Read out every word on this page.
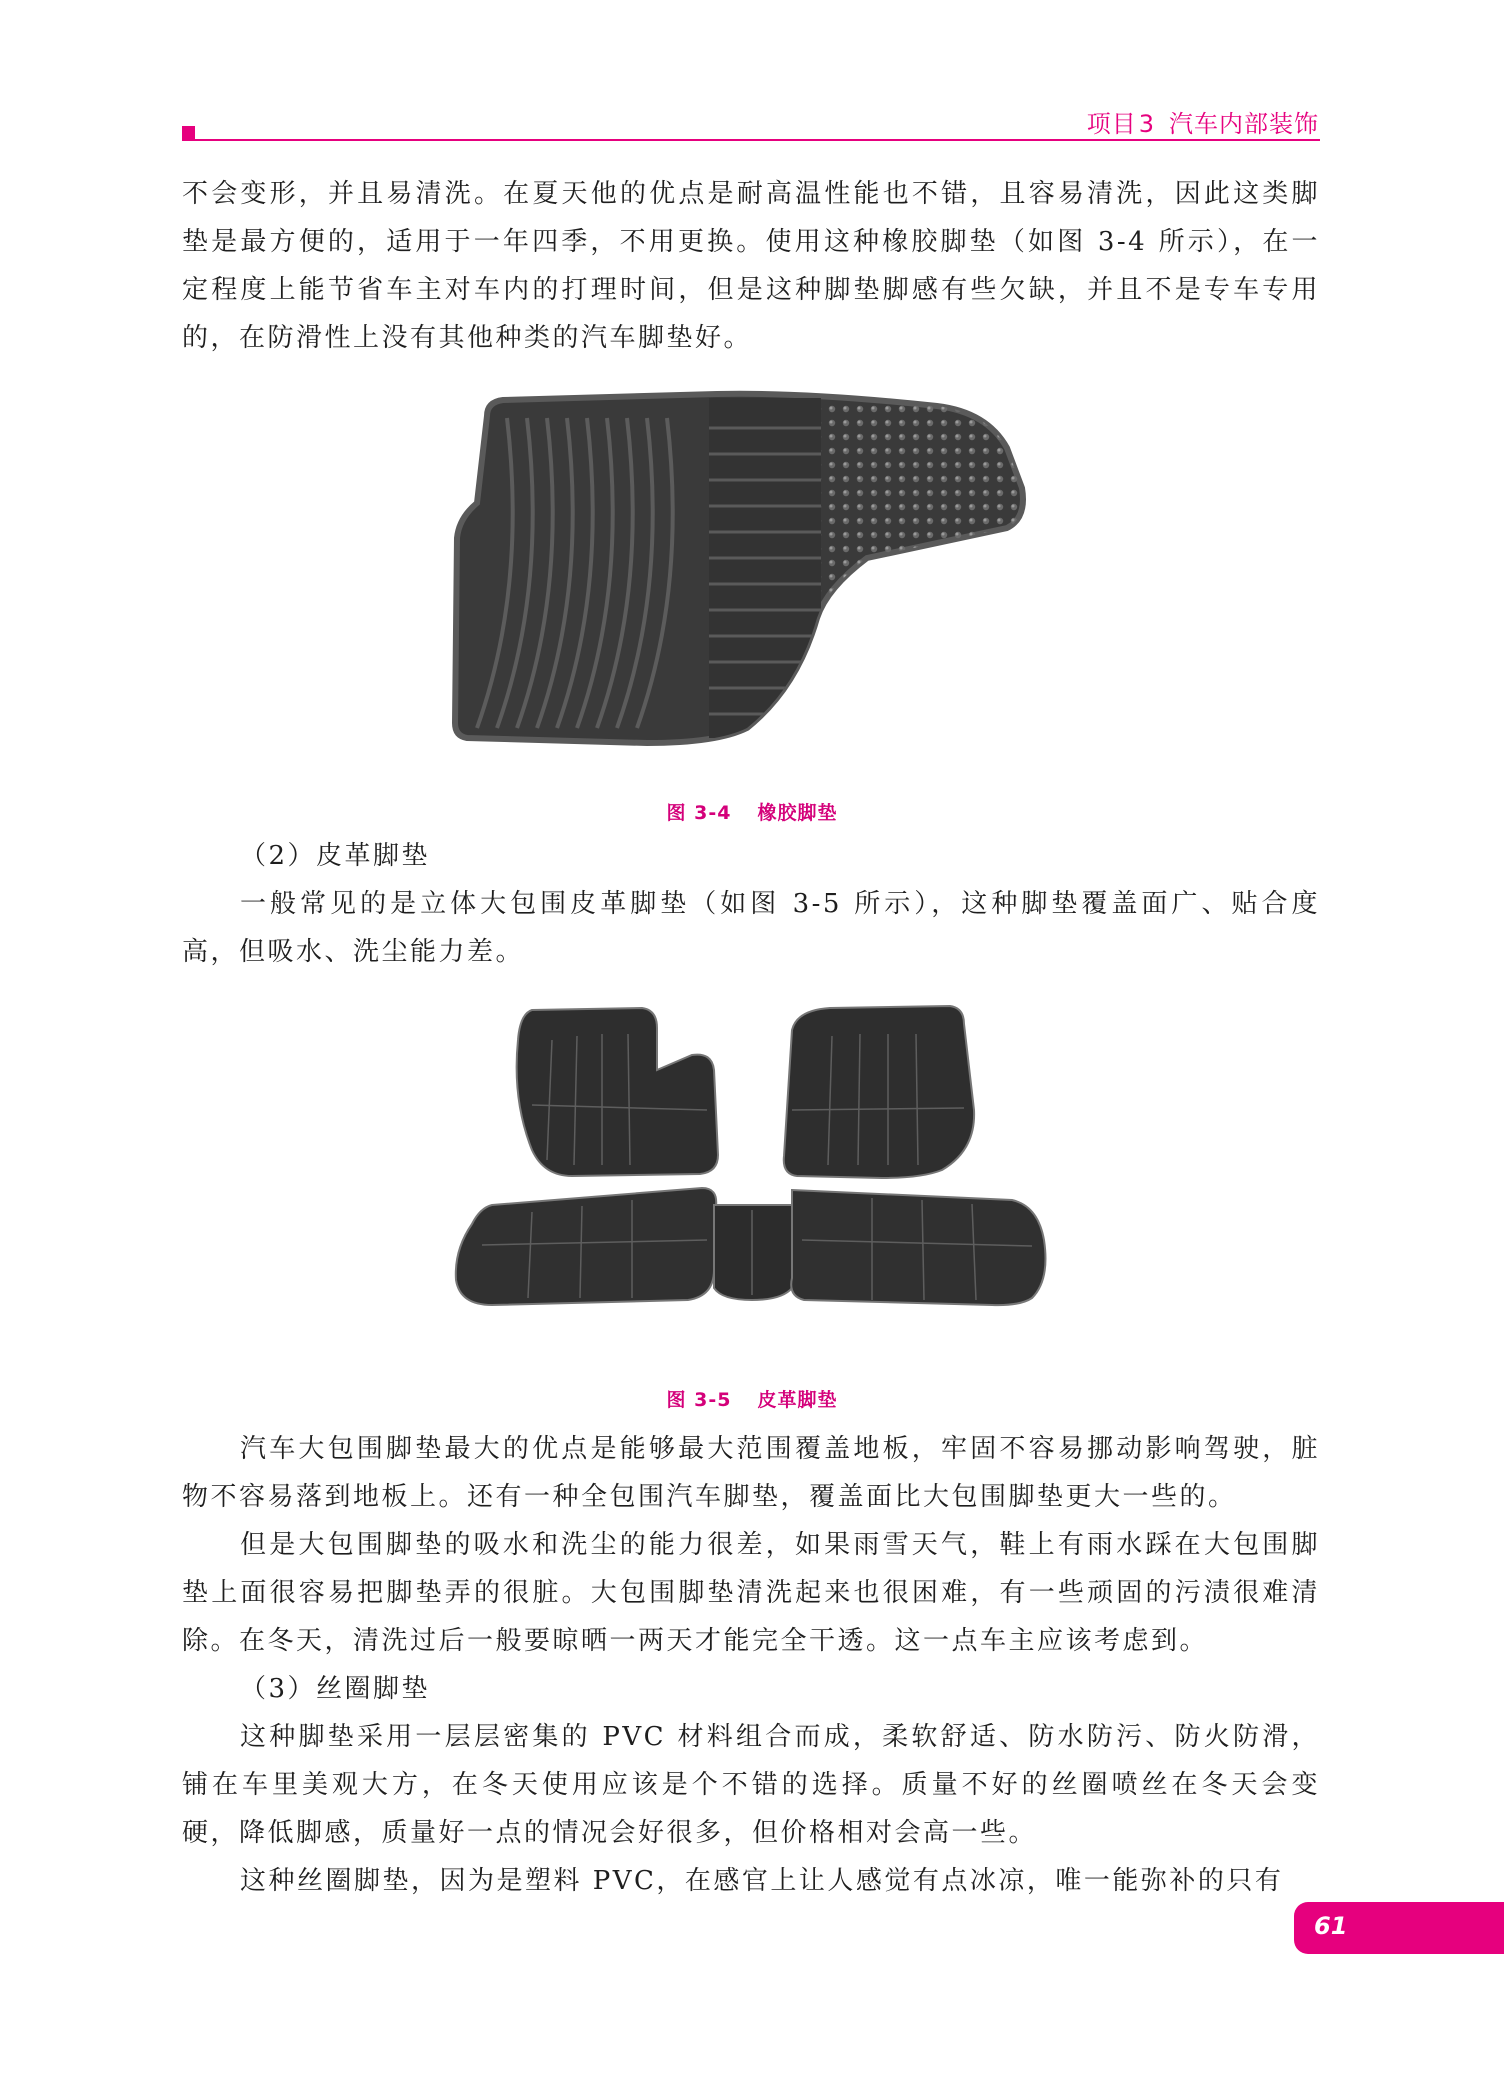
项目3 汽车内部装饰

不会变形，并且易清洗。在夏天他的优点是耐高温性能也不错，且容易清洗，因此这类脚垫是最方便的，适用于一年四季，不用更换。使用这种橡胶脚垫（如图 3-4 所示），在一定程度上能节省车主对车内的打理时间，但是这种脚垫脚感有些欠缺，并且不是专车专用的，在防滑性上没有其他种类的汽车脚垫好。

图 3-4 橡胶脚垫

（2）皮革脚垫

一般常见的是立体大包围皮革脚垫（如图 3-5 所示），这种脚垫覆盖面广、贴合度高，但吸水、洗尘能力差。

图 3-5 皮革脚垫

汽车大包围脚垫最大的优点是能够最大范围覆盖地板，牢固不容易挪动影响驾驶，脏物不容易落到地板上。还有一种全包围汽车脚垫，覆盖面比大包围脚垫更大一些的。

但是大包围脚垫的吸水和洗尘的能力很差，如果雨雪天气，鞋上有雨水踩在大包围脚垫上面很容易把脚垫弄的很脏。大包围脚垫清洗起来也很困难，有一些顽固的污渍很难清除。在冬天，清洗过后一般要晾晒一两天才能完全干透。这一点车主应该考虑到。

（3）丝圈脚垫

这种脚垫采用一层层密集的 PVC 材料组合而成，柔软舒适、防水防污、防火防滑，铺在车里美观大方，在冬天使用应该是个不错的选择。质量不好的丝圈喷丝在冬天会变硬，降低脚感，质量好一点的情况会好很多，但价格相对会高一些。

这种丝圈脚垫，因为是塑料 PVC，在感官上让人感觉有点冰凉，唯一能弥补的只有

61
